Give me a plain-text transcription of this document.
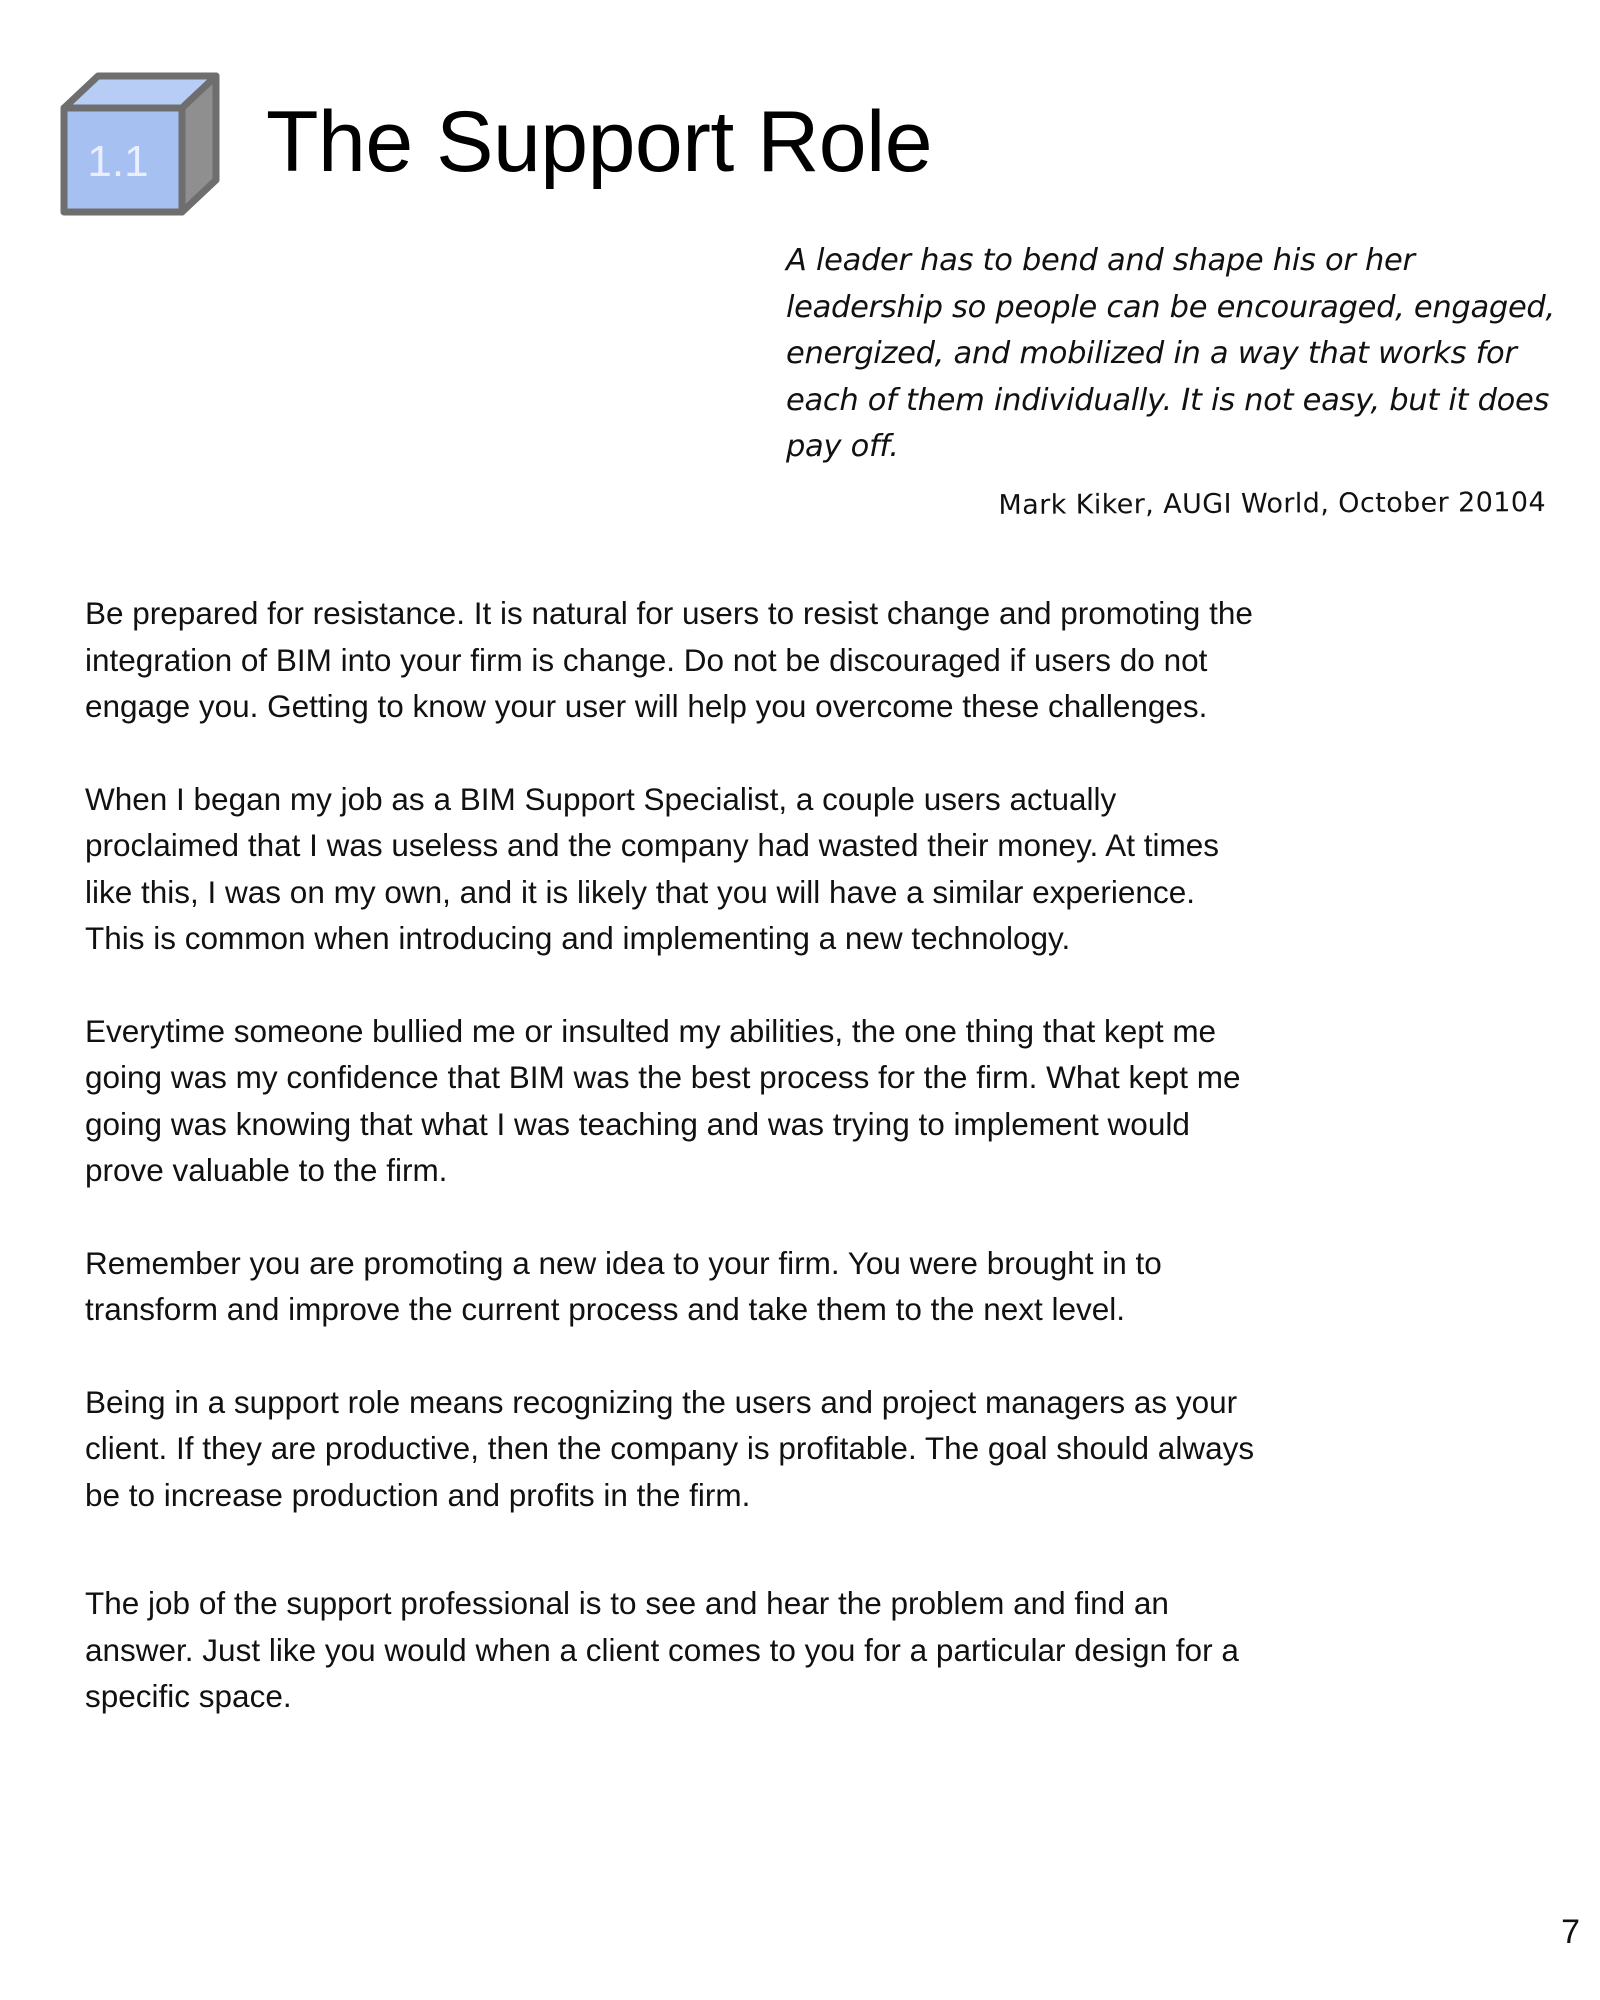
1.1 The Support Role

A leader has to bend and shape his or her leadership so people can be encouraged, engaged, energized, and mobilized in a way that works for each of them individually. It is not easy, but it does pay off.

Mark Kiker, AUGI World, October 20104

Be prepared for resistance. It is natural for users to resist change and promoting the
integration of BIM into your firm is change. Do not be discouraged if users do not
engage you. Getting to know your user will help you overcome these challenges.

When I began my job as a BIM Support Specialist, a couple users actually
proclaimed that I was useless and the company had wasted their money. At times
like this, I was on my own, and it is likely that you will have a similar experience.
This is common when introducing and implementing a new technology.

Everytime someone bullied me or insulted my abilities, the one thing that kept me
going was my confidence that BIM was the best process for the firm. What kept me
going was knowing that what I was teaching and was trying to implement would
prove valuable to the firm.

Remember you are promoting a new idea to your firm. You were brought in to
transform and improve the current process and take them to the next level.

Being in a support role means recognizing the users and project managers as your
client. If they are productive, then the company is profitable. The goal should always
be to increase production and profits in the firm.

The job of the support professional is to see and hear the problem and find an
answer. Just like you would when a client comes to you for a particular design for a
specific space.

7
